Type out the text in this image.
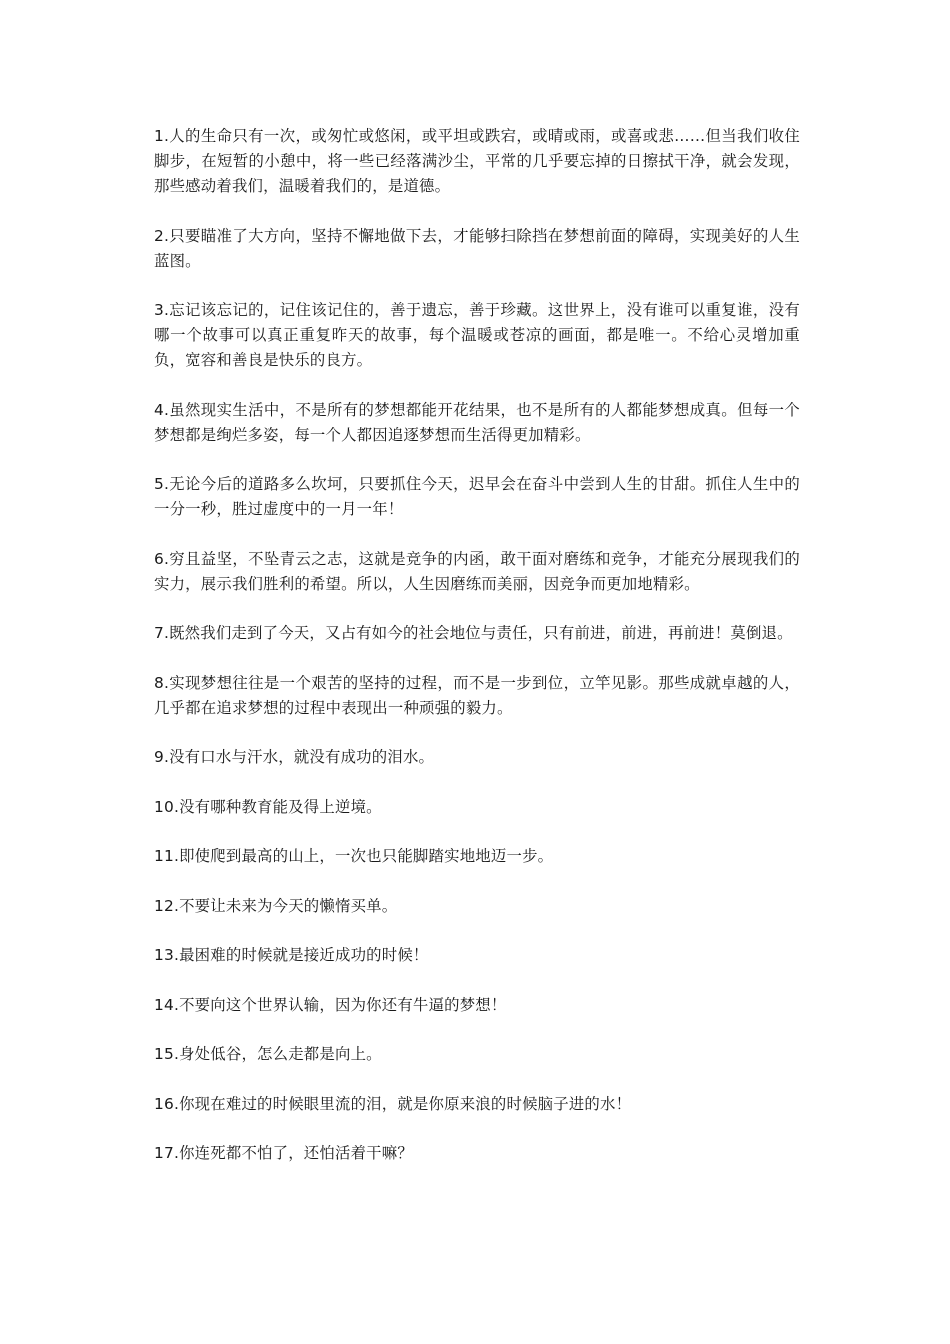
1.人的生命只有一次，或匆忙或悠闲，或平坦或跌宕，或晴或雨，或喜或悲……但当我们收住脚步，在短暂的小憩中，将一些已经落满沙尘，平常的几乎要忘掉的日擦拭干净，就会发现，那些感动着我们，温暖着我们的，是道德。

2.只要瞄准了大方向，坚持不懈地做下去，才能够扫除挡在梦想前面的障碍，实现美好的人生蓝图。

3.忘记该忘记的，记住该记住的，善于遗忘，善于珍藏。这世界上，没有谁可以重复谁，没有哪一个故事可以真正重复昨天的故事，每个温暖或苍凉的画面，都是唯一。不给心灵增加重负，宽容和善良是快乐的良方。

4.虽然现实生活中，不是所有的梦想都能开花结果，也不是所有的人都能梦想成真。但每一个梦想都是绚烂多姿，每一个人都因追逐梦想而生活得更加精彩。

5.无论今后的道路多么坎坷，只要抓住今天，迟早会在奋斗中尝到人生的甘甜。抓住人生中的一分一秒，胜过虚度中的一月一年！

6.穷且益坚，不坠青云之志，这就是竞争的内函，敢干面对磨练和竞争，才能充分展现我们的实力，展示我们胜利的希望。所以，人生因磨练而美丽，因竞争而更加地精彩。

7.既然我们走到了今天，又占有如今的社会地位与责任，只有前进，前进，再前进！莫倒退。

8.实现梦想往往是一个艰苦的坚持的过程，而不是一步到位，立竿见影。那些成就卓越的人，几乎都在追求梦想的过程中表现出一种顽强的毅力。

9.没有口水与汗水，就没有成功的泪水。

10.没有哪种教育能及得上逆境。

11.即使爬到最高的山上，一次也只能脚踏实地地迈一步。

12.不要让未来为今天的懒惰买单。

13.最困难的时候就是接近成功的时候！

14.不要向这个世界认输，因为你还有牛逼的梦想！

15.身处低谷，怎么走都是向上。

16.你现在难过的时候眼里流的泪，就是你原来浪的时候脑子进的水！

17.你连死都不怕了，还怕活着干嘛？
